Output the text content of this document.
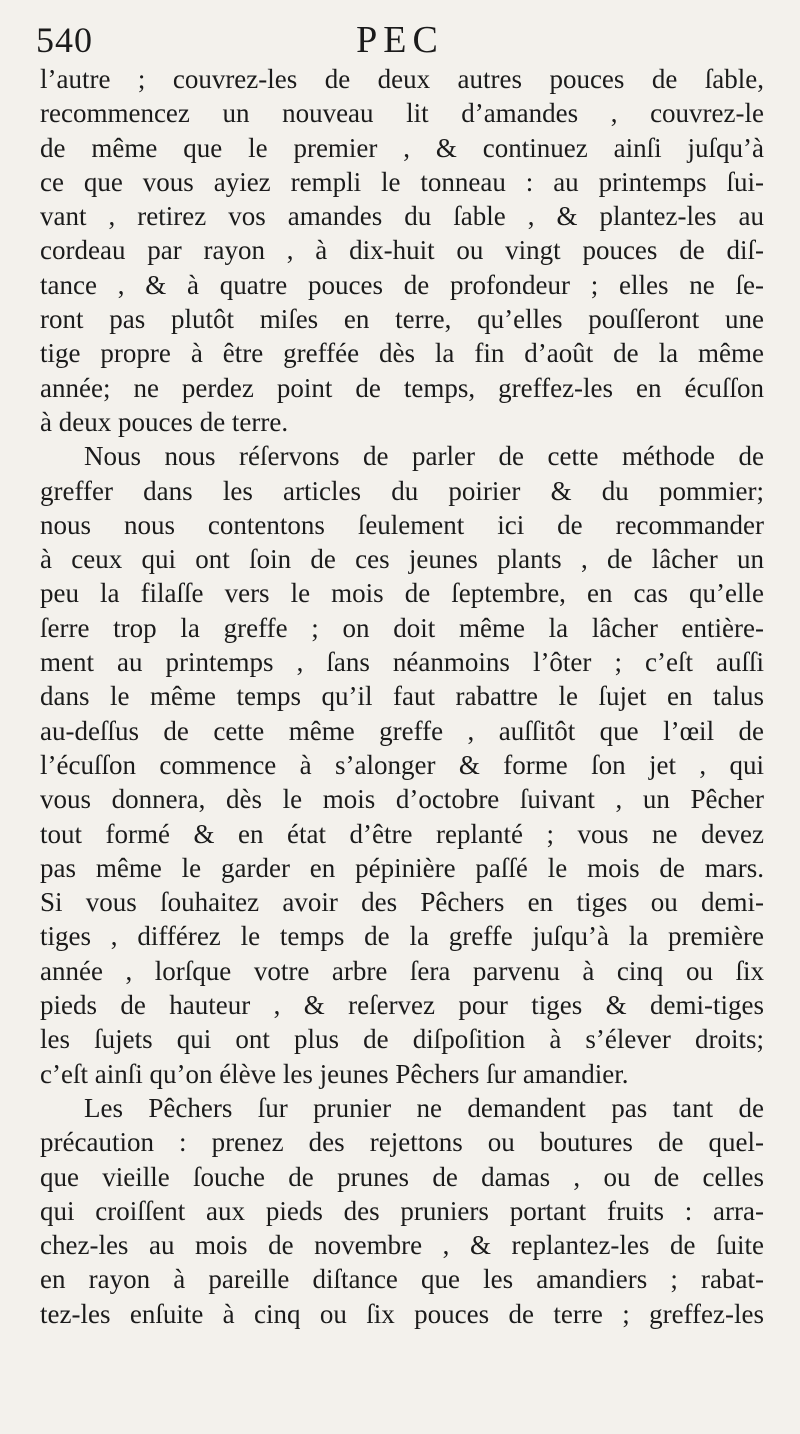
540	PEC
l’autre ; couvrez-les de deux autres pouces de ſable,
recommencez un nouveau lit d’amandes , couvrez-le
de même que le premier , & continuez ainſi juſqu’à
ce que vous ayiez rempli le tonneau : au printemps ſui-
vant , retirez vos amandes du ſable , & plantez-les au
cordeau par rayon , à dix-huit ou vingt pouces de diſ-
tance , & à quatre pouces de profondeur ; elles ne ſe-
ront pas plutôt miſes en terre, qu’elles pouſſeront une
tige propre à être greffée dès la fin d’août de la même
année; ne perdez point de temps, greffez-les en écuſſon
à deux pouces de terre.
Nous nous réſervons de parler de cette méthode de
greffer dans les articles du poirier & du pommier;
nous nous contentons ſeulement ici de recommander
à ceux qui ont ſoin de ces jeunes plants , de lâcher un
peu la filaſſe vers le mois de ſeptembre, en cas qu’elle
ſerre trop la greffe ; on doit même la lâcher entière-
ment au printemps , ſans néanmoins l’ôter ; c’eſt auſſi
dans le même temps qu’il faut rabattre le ſujet en talus
au-deſſus de cette même greffe , auſſitôt que l’œil de
l’écuſſon commence à s’alonger & forme ſon jet , qui
vous donnera, dès le mois d’octobre ſuivant , un Pêcher
tout formé & en état d’être replanté ; vous ne devez
pas même le garder en pépinière paſſé le mois de mars.
Si vous ſouhaitez avoir des Pêchers en tiges ou demi-
tiges , différez le temps de la greffe juſqu’à la première
année , lorſque votre arbre ſera parvenu à cinq ou ſix
pieds de hauteur , & reſervez pour tiges & demi-tiges
les ſujets qui ont plus de diſpoſition à s’élever droits;
c’eſt ainſi qu’on élève les jeunes Pêchers ſur amandier.
Les Pêchers ſur prunier ne demandent pas tant de
précaution : prenez des rejettons ou boutures de quel-
que vieille ſouche de prunes de damas , ou de celles
qui croiſſent aux pieds des pruniers portant fruits : arra-
chez-les au mois de novembre , & replantez-les de ſuite
en rayon à pareille diſtance que les amandiers ; rabat-
tez-les enſuite à cinq ou ſix pouces de terre ; greffez-les
